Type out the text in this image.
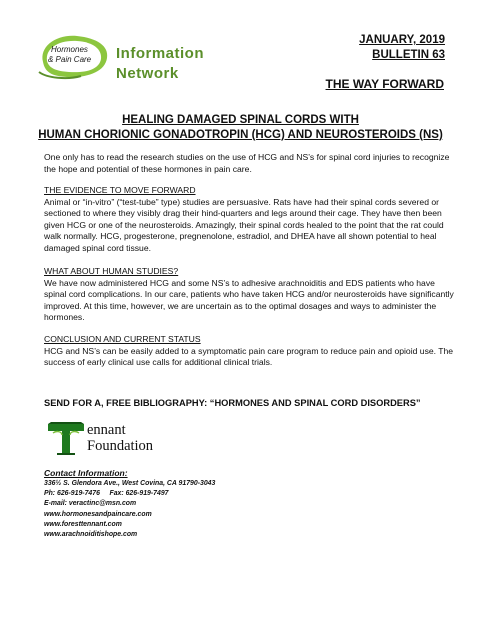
Hormones
& Pain Care Information
Network
JANUARY, 2019
BULLETIN 63
THE WAY FORWARD
HEALING DAMAGED SPINAL CORDS WITH
HUMAN CHORIONIC GONADOTROPIN (HCG) AND NEUROSTEROIDS (NS)
One only has to read the research studies on the use of HCG and NS’s for spinal cord injuries to recognize the hope and potential of these hormones in pain care.
THE EVIDENCE TO MOVE FORWARD
Animal or “in-vitro” (“test-tube” type) studies are persuasive. Rats have had their spinal cords severed or sectioned to where they visibly drag their hind-quarters and legs around their cage. They have then been given HCG or one of the neurosteroids. Amazingly, their spinal cords healed to the point that the rat could walk normally. HCG, progesterone, pregnenolone, estradiol, and DHEA have all shown potential to heal damaged spinal cord tissue.
WHAT ABOUT HUMAN STUDIES?
We have now administered HCG and some NS’s to adhesive arachnoiditis and EDS patients who have spinal cord complications. In our care, patients who have taken HCG and/or neurosteroids have significantly improved. At this time, however, we are uncertain as to the optimal dosages and ways to administer the hormones.
CONCLUSION AND CURRENT STATUS
HCG and NS’s can be easily added to a symptomatic pain care program to reduce pain and opioid use. The success of early clinical use calls for additional clinical trials.
SEND FOR A, FREE BIBLIOGRAPHY: “HORMONES AND SPINAL CORD DISORDERS”
ennant
Foundation
Contact Information:
336½ S. Glendora Ave., West Covina, CA 91790-3043
Ph: 626-919-7476     Fax: 626-919-7497
E-mail: veractinc@msn.com
www.hormonesandpaincare.com
www.foresttennant.com
www.arachnoiditishope.com
